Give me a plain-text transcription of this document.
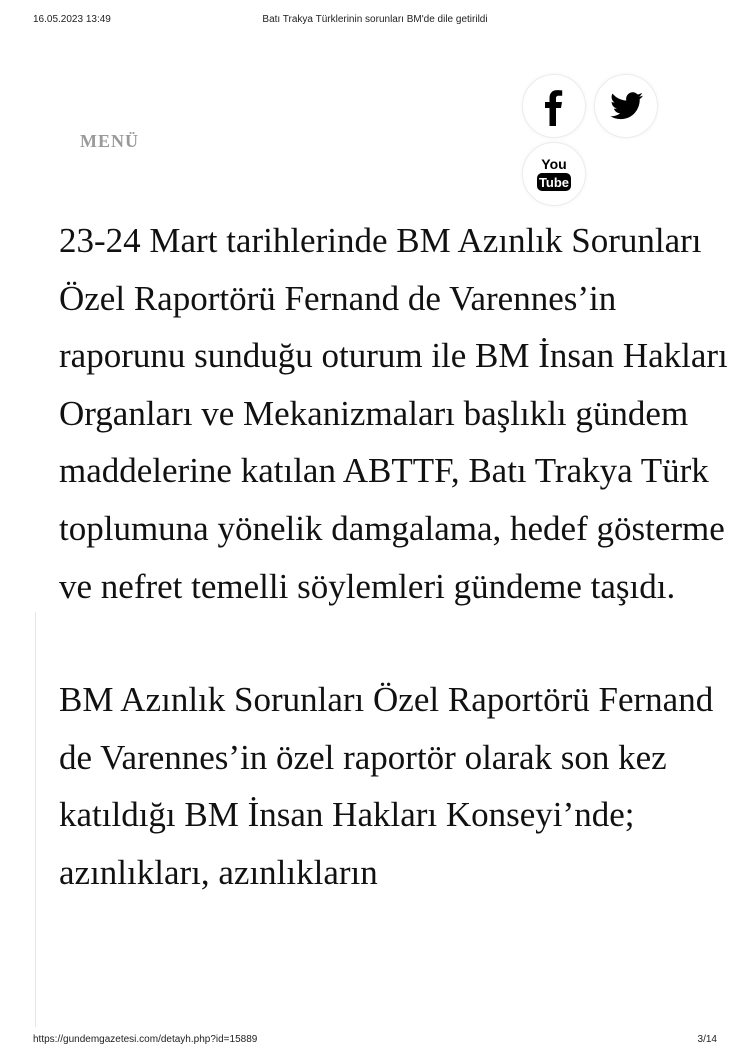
16.05.2023 13:49	Batı Trakya Türklerinin sorunları BM'de dile getirildi
MENÜ
You
Tube

23-24 Mart tarihlerinde BM Azınlık Sorunları Özel Raportörü Fernand de Varennes’in raporunu sunduğu oturum ile BM İnsan Hakları Organları ve Mekanizmaları başlıklı gündem maddelerine katılan ABTTF, Batı Trakya Türk toplumuna yönelik damgalama, hedef gösterme ve nefret temelli söylemleri gündeme taşıdı.

BM Azınlık Sorunları Özel Raportörü Fernand de Varennes’in özel raportör olarak son kez katıldığı BM İnsan Hakları Konseyi’nde; azınlıkları, azınlıkların

https://gundemgazetesi.com/detayh.php?id=15889	3/14
